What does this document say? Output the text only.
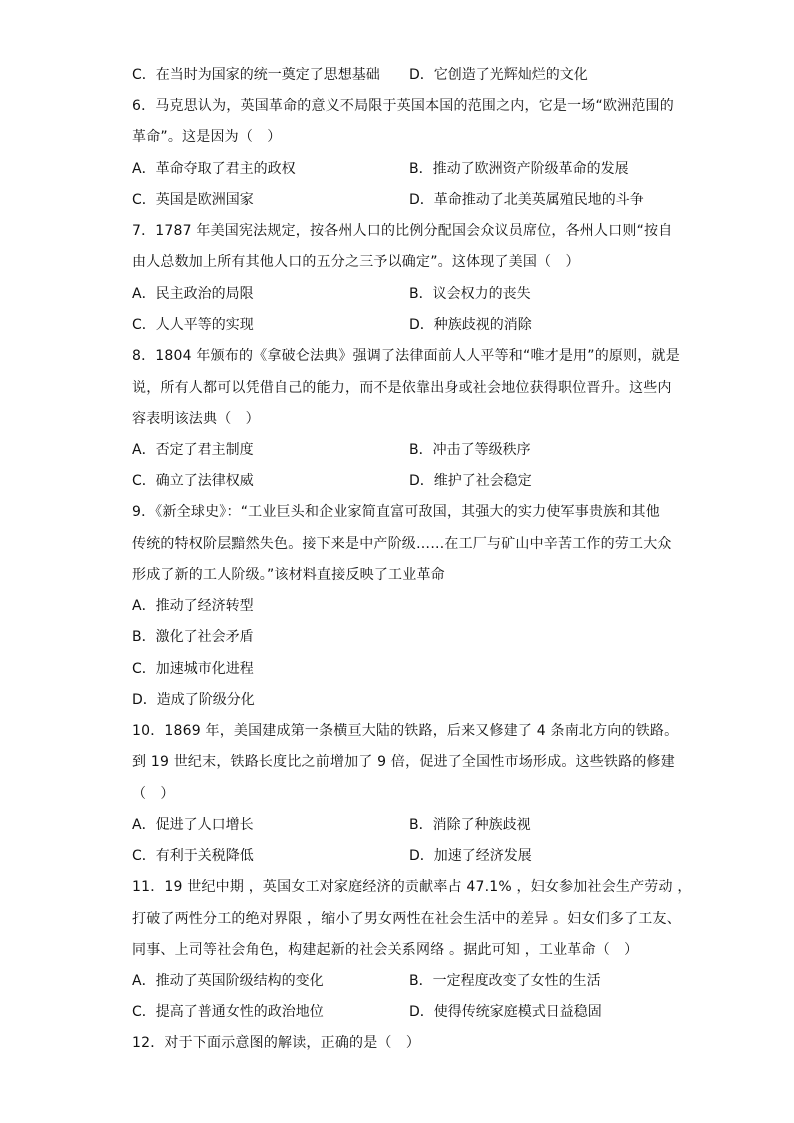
C．在当时为国家的统一奠定了思想基础 D．它创造了光辉灿烂的文化
6．马克思认为，英国革命的意义不局限于英国本国的范围之内，它是一场“欧洲范围的
革命”。这是因为（　）
A．革命夺取了君主的政权	B．推动了欧洲资产阶级革命的发展
C．英国是欧洲国家	D．革命推动了北美英属殖民地的斗争
7．1787 年美国宪法规定，按各州人口的比例分配国会众议员席位，各州人口则“按自
由人总数加上所有其他人口的五分之三予以确定”。这体现了美国（　）
A．民主政治的局限	B．议会权力的丧失
C．人人平等的实现	D．种族歧视的消除
8．1804 年颁布的《拿破仑法典》强调了法律面前人人平等和“唯才是用”的原则，就是
说，所有人都可以凭借自己的能力，而不是依靠出身或社会地位获得职位晋升。这些内
容表明该法典（　）
A．否定了君主制度	B．冲击了等级秩序
C．确立了法律权威	D．维护了社会稳定
9．《新全球史》：“工业巨头和企业家简直富可敌国，其强大的实力使军事贵族和其他
传统的特权阶层黯然失色。接下来是中产阶级……在工厂与矿山中辛苦工作的劳工大众
形成了新的工人阶级。”该材料直接反映了工业革命
A．推动了经济转型
B．激化了社会矛盾
C．加速城市化进程
D．造成了阶级分化
10．1869 年，美国建成第一条横亘大陆的铁路，后来又修建了 4 条南北方向的铁路。
到 19 世纪末，铁路长度比之前增加了 9 倍，促进了全国性市场形成。这些铁路的修建
（　）
A．促进了人口增长	B．消除了种族歧视
C．有利于关税降低	D．加速了经济发展
11．19 世纪中期 ，英国女工对家庭经济的贡献率占 47.1% ，妇女参加社会生产劳动 ，
打破了两性分工的绝对界限 ，缩小了男女两性在社会生活中的差异 。妇女们多了工友、
同事、上司等社会角色，构建起新的社会关系网络 。据此可知 ，工业革命（　）
A．推动了英国阶级结构的变化	B．一定程度改变了女性的生活
C．提高了普通女性的政治地位	D．使得传统家庭模式日益稳固
12．对于下面示意图的解读，正确的是（　）
